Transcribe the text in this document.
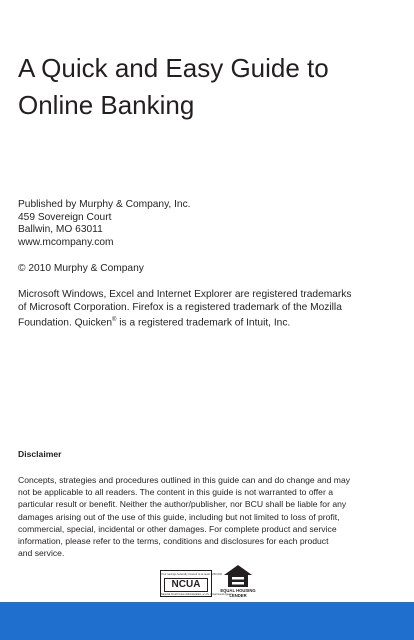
A Quick and Easy Guide to
Online Banking
Published by Murphy & Company, Inc.
459 Sovereign Court
Ballwin, MO 63011
www.mcompany.com
© 2010 Murphy & Company
Microsoft Windows, Excel and Internet Explorer are registered trademarks
of Microsoft Corporation. Firefox is a registered trademark of the Mozilla
Foundation. Quicken® is a registered trademark of Intuit, Inc.
Disclaimer
Concepts, strategies and procedures outlined in this guide can and do change and may
not be applicable to all readers. The content in this guide is not warranted to offer a
particular result or benefit. Neither the author/publisher, nor BCU shall be liable for any
damages arising out of the use of this guide, including but not limited to loss of profit,
commercial, special, incidental or other damages. For complete product and service
information, please refer to the terms, conditions and disclosures for each product
and service.
Your savings federally insured to at least $250,000
NCUA
National Credit Union Administration, a U.S. Government Agency
EQUAL HOUSING
LENDER
